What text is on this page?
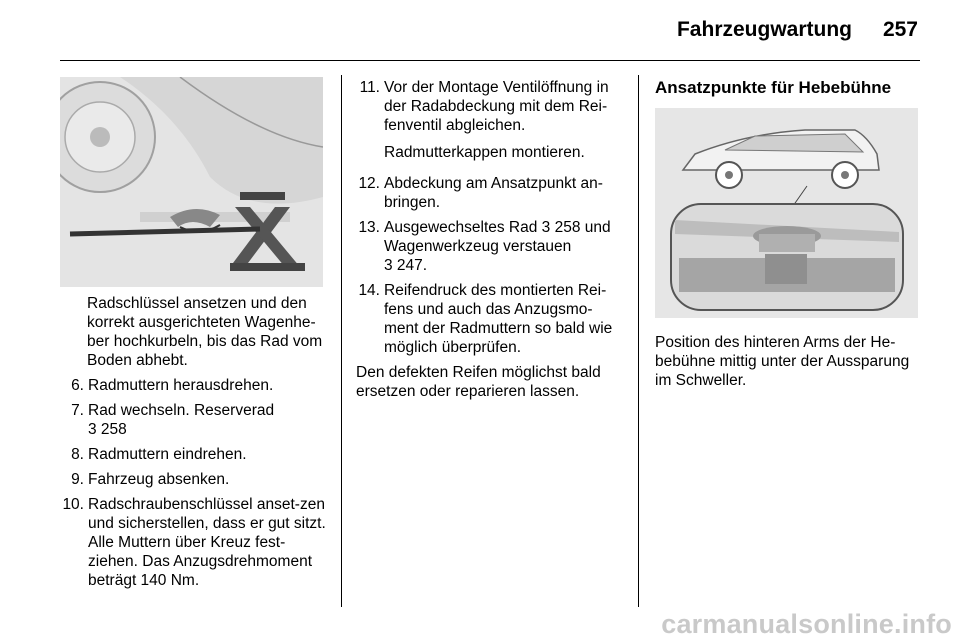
Fahrzeugwartung 257

Radschlüssel ansetzen und den korrekt ausgerichteten Wagenhe-ber hochkurbeln, bis das Rad vom Boden abhebt.

6. Radmuttern herausdrehen.
7. Rad wechseln. Reserverad
3 258
8. Radmuttern eindrehen.
9. Fahrzeug absenken.
10. Radschraubenschlüssel anset-zen und sicherstellen, dass er gut sitzt. Alle Muttern über Kreuz fest-ziehen. Das Anzugsdrehmoment beträgt 140 Nm.
11. Vor der Montage Ventilöffnung in der Radabdeckung mit dem Rei-fenventil abgleichen.

Radmutterkappen montieren.

12. Abdeckung am Ansatzpunkt an-bringen.
13. Ausgewechseltes Rad 3 258 und Wagenwerkzeug verstauen
3 247.
14. Reifendruck des montierten Rei-fens und auch das Anzugsmo-ment der Radmuttern so bald wie möglich überprüfen.

Den defekten Reifen möglichst bald ersetzen oder reparieren lassen.

Ansatzpunkte für Hebebühne

Position des hinteren Arms der He-bebühne mittig unter der Aussparung im Schweller.

carmanualsonline.info
